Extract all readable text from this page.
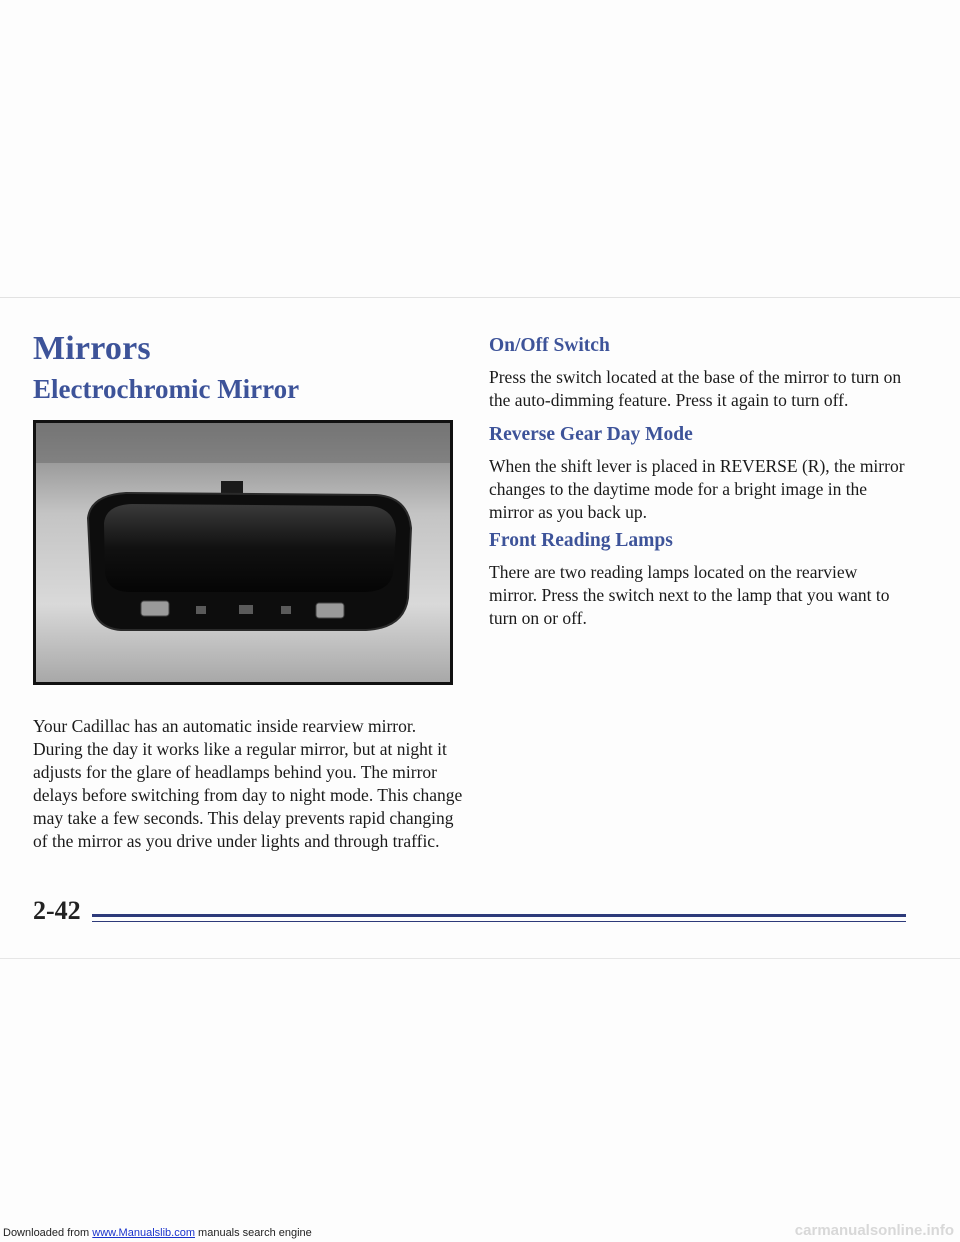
Mirrors
Electrochromic Mirror

Your Cadillac has an automatic inside rearview mirror. During the day it works like a regular mirror, but at night it adjusts for the glare of headlamps behind you. The mirror delays before switching from day to night mode. This change may take a few seconds. This delay prevents rapid changing of the mirror as you drive under lights and through traffic.

On/Off Switch

Press the switch located at the base of the mirror to turn on the auto-dimming feature. Press it again to turn off.

Reverse Gear Day Mode

When the shift lever is placed in REVERSE (R), the mirror changes to the daytime mode for a bright image in the mirror as you back up.

Front Reading Lamps

There are two reading lamps located on the rearview mirror. Press the switch next to the lamp that you want to turn on or off.

2-42
Downloaded from www.Manualslib.com manuals search engine	carmanualsonline.info
